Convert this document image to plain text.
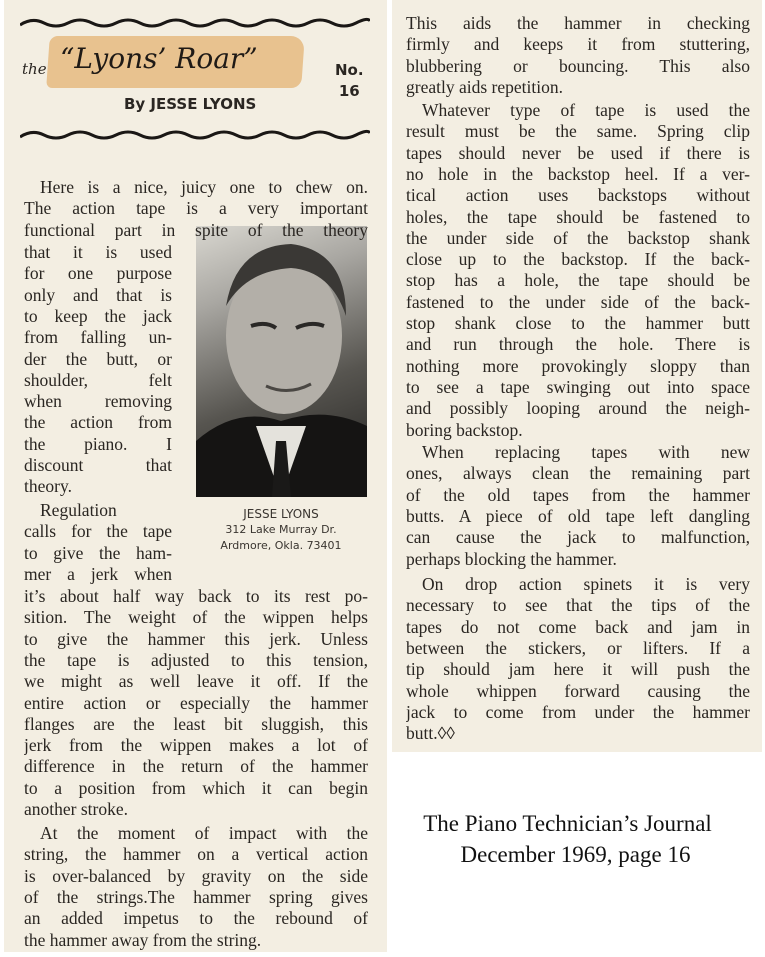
the “Lyons’ Roar”	No.
16
By JESSE LYONS
JESSE LYONS
312 Lake Murray Dr.
Ardmore, Okla. 73401
Here is a nice, juicy one to chew on.
The action tape is a very important
functional part in spite of the theory
that it is used
for one purpose
only and that is
to keep the jack
from falling un-
der the butt, or
shoulder, felt
when removing
the action from
the piano. I
discount that
theory.
Regulation
calls for the tape
to give the ham-
mer a jerk when
it’s about half way back to its rest po-
sition. The weight of the wippen helps
to give the hammer this jerk. Unless
the tape is adjusted to this tension,
we might as well leave it off. If the
entire action or especially the hammer
flanges are the least bit sluggish, this
jerk from the wippen makes a lot of
difference in the return of the hammer
to a position from which it can begin
another stroke.
At the moment of impact with the
string, the hammer on a vertical action
is over-balanced by gravity on the side
of the strings.The hammer spring gives
an added impetus to the rebound of
the hammer away from the string.
This aids the hammer in checking
firmly and keeps it from stuttering,
blubbering or bouncing. This also
greatly aids repetition.
Whatever type of tape is used the
result must be the same. Spring clip
tapes should never be used if there is
no hole in the backstop heel. If a ver-
tical action uses backstops without
holes, the tape should be fastened to
the under side of the backstop shank
close up to the backstop. If the back-
stop has a hole, the tape should be
fastened to the under side of the back-
stop shank close to the hammer butt
and run through the hole. There is
nothing more provokingly sloppy than
to see a tape swinging out into space
and possibly looping around the neigh-
boring backstop.
When replacing tapes with new
ones, always clean the remaining part
of the old tapes from the hammer
butts. A piece of old tape left dangling
can cause the jack to malfunction,
perhaps blocking the hammer.
On drop action spinets it is very
necessary to see that the tips of the
tapes do not come back and jam in
between the stickers, or lifters. If a
tip should jam here it will push the
whole whippen forward causing the
jack to come from under the hammer
butt.◊◊
The Piano Technician’s Journal
December 1969, page 16
